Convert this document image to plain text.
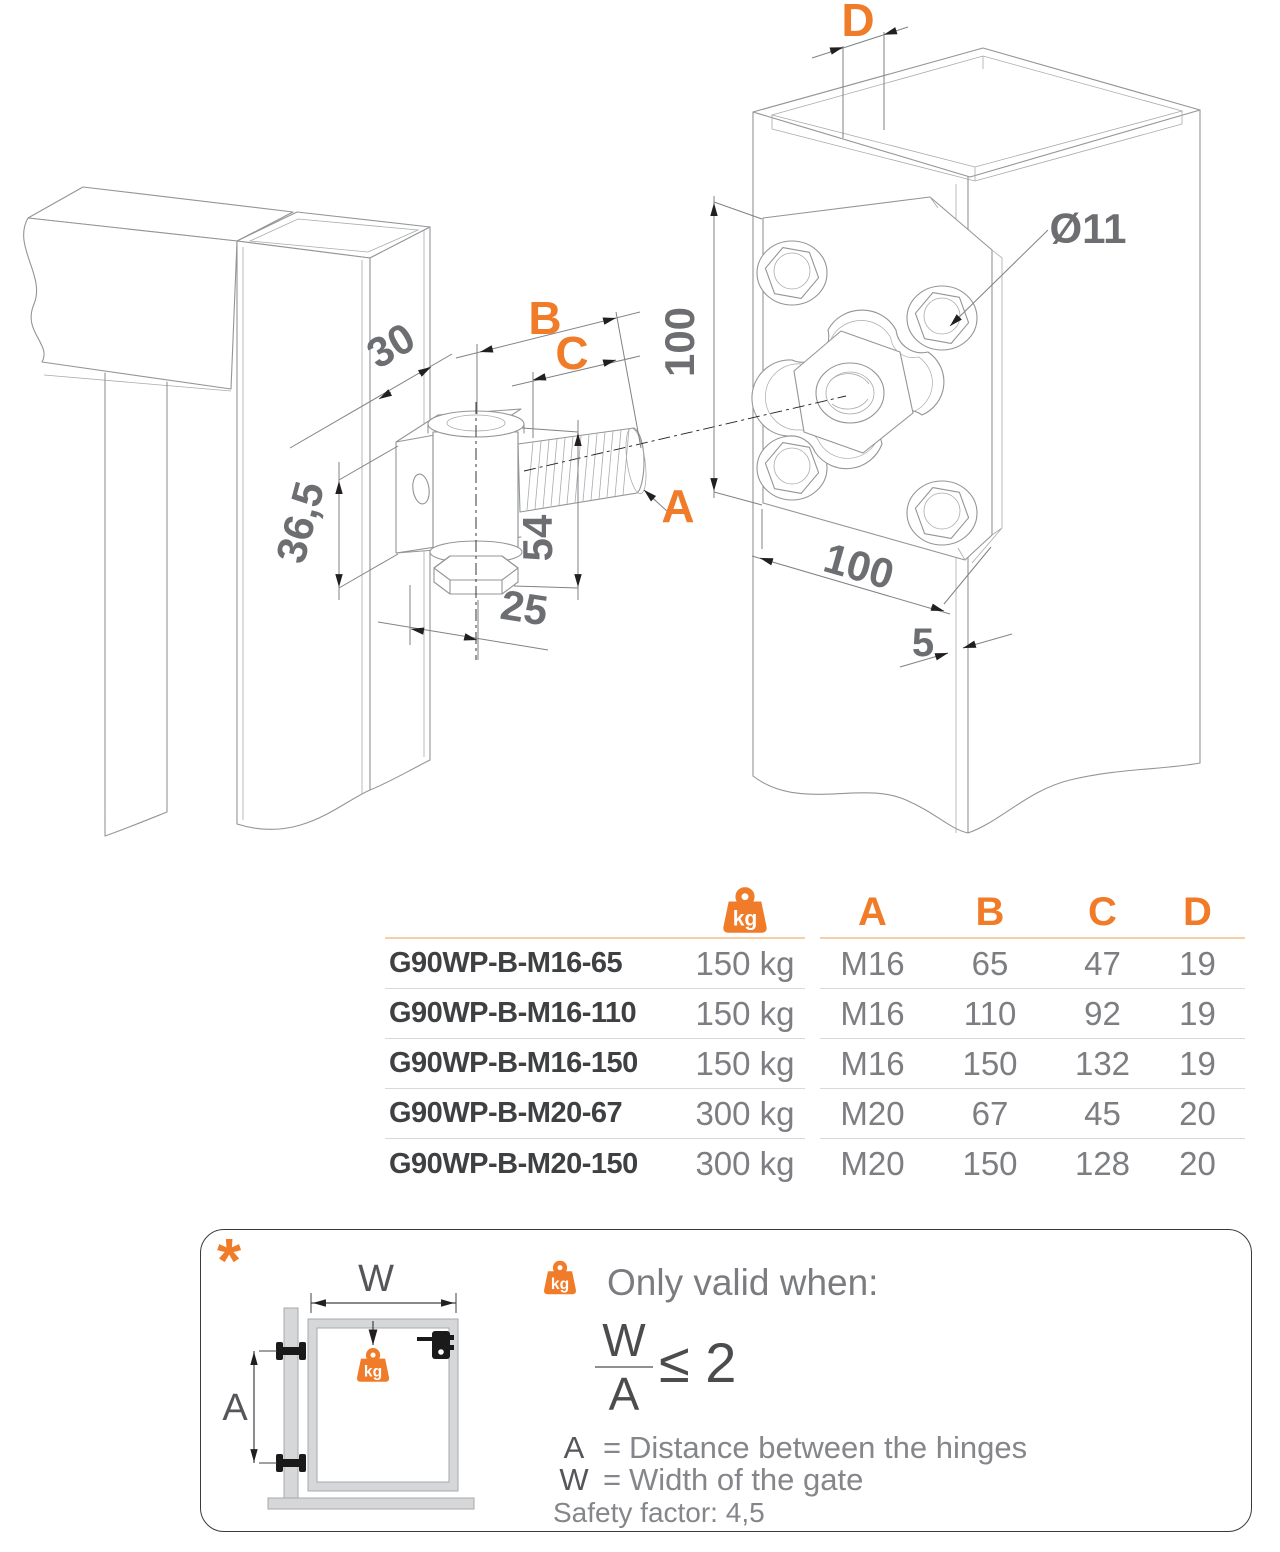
D
Ø11
B
C
A
30
36,5	54
25
100
100
5
A	B	C	D
G90WP-B-M16-65	150 kg	M16	65	47	19
G90WP-B-M16-110	150 kg	M16	110	92	19
G90WP-B-M16-150	150 kg	M16	150	132	19
G90WP-B-M20-67	300 kg	M20	67	45	20
G90WP-B-M20-150	300 kg	M20	150	128	20
*	W
A
Only valid when:
W
A ≤ 2
A = Distance between the hinges
W = Width of the gate
Safety factor: 4,5
